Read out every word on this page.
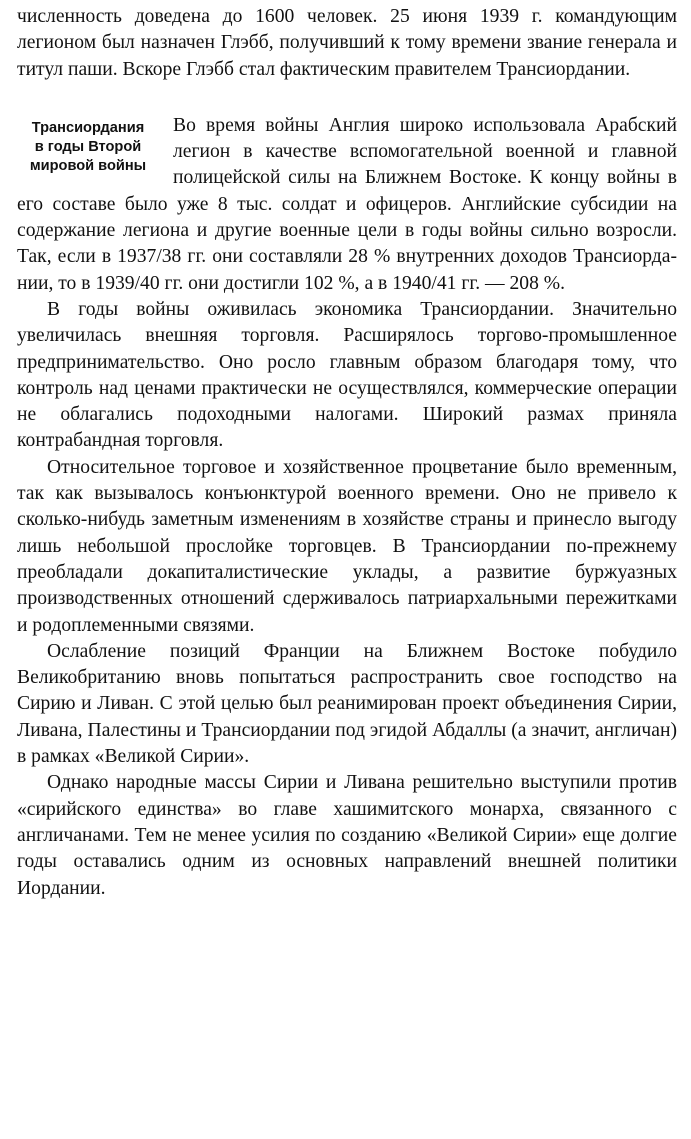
численность доведена до 1600 человек. 25 июня 1939 г. командующим легионом был назначен Глэбб, получивший к тому времени звание генерала и титул паши. Вскоре Глэбб стал фактическим правителем Трансиордании.

Трансиордания
в годы Второй
мировой войны

Во время войны Англия широко использовала Арабский легион в качестве вспомогательной военной и главной полицейской силы на Ближнем Востоке. К концу войны в его составе было уже 8 тыс. солдат и офицеров. Английские субсидии на содержание легиона и другие военные цели в годы войны сильно возросли. Так, если в 1937/38 гг. они составляли 28 % внутренних доходов Трансиордании, то в 1939/40 гг. они достигли 102 %, а в 1940/41 гг. — 208 %.

В годы войны оживилась экономика Трансиордании. Значительно увеличилась внешняя торговля. Расширялось торгово-промышленное предпринимательство. Оно росло главным образом благодаря тому, что контроль над ценами практически не осуществлялся, коммерческие операции не облагались подоходными налогами. Широкий размах приняла контрабандная торговля.

Относительное торговое и хозяйственное процветание было временным, так как вызывалось конъюнктурой военного времени. Оно не привело к сколько-нибудь заметным изменениям в хозяйстве страны и принесло выгоду лишь небольшой прослойке торговцев. В Трансиордании по-прежнему преобладали докапиталистические уклады, а развитие буржуазных производственных отношений сдерживалось патриархальными пережитками и родоплеменными связями.

Ослабление позиций Франции на Ближнем Востоке побудило Великобританию вновь попытаться распространить свое господство на Сирию и Ливан. С этой целью был реанимирован проект объединения Сирии, Ливана, Палестины и Трансиордании под эгидой Абдаллы (а значит, англичан) в рамках «Великой Сирии».

Однако народные массы Сирии и Ливана решительно выступили против «сирийского единства» во главе хашимитского монарха, связанного с англичанами. Тем не менее усилия по созданию «Великой Сирии» еще долгие годы оставались одним из основных направлений внешней политики Иордании.
